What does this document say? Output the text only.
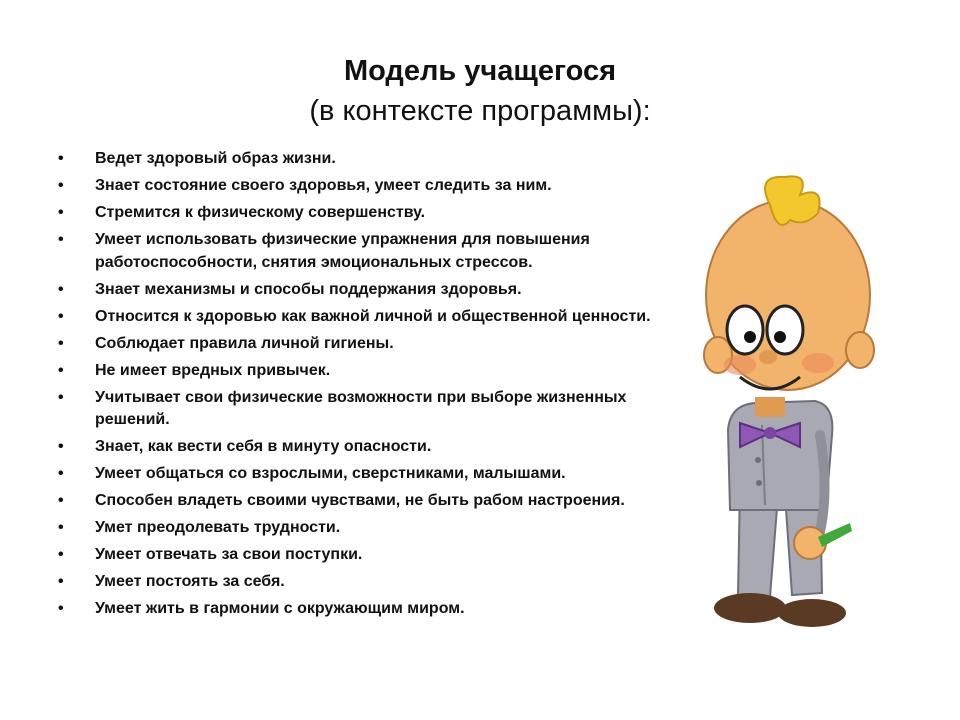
Модель учащегося
(в контексте программы):
• Ведет здоровый образ жизни.
• Знает состояние своего здоровья, умеет следить за ним.
• Стремится к физическому совершенству.
• Умеет использовать физические упражнения для повышения работоспособности, снятия эмоциональных стрессов.
• Знает механизмы и способы поддержания здоровья.
• Относится к здоровью как важной личной и общественной ценности.
• Соблюдает правила личной гигиены.
• Не имеет вредных привычек.
• Учитывает свои физические возможности при выборе жизненных решений.
• Знает, как вести себя в минуту опасности.
• Умеет общаться со взрослыми, сверстниками, малышами.
• Способен владеть своими чувствами, не быть рабом настроения.
• Умет преодолевать трудности.
• Умеет отвечать за свои поступки.
• Умеет постоять за себя.
• Умеет жить в гармонии с окружающим миром.
